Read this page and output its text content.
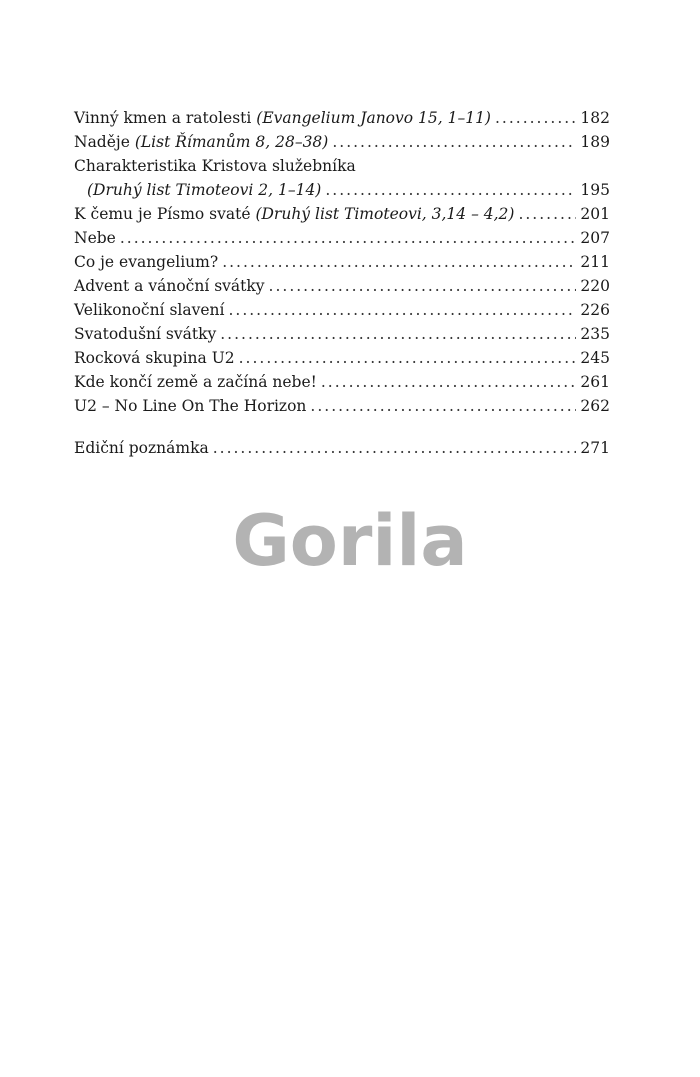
Vinný kmen a ratolesti (Evangelium Janovo 15, 1–11) .....	182
Naděje (List Římanům 8, 28–38) .....	189
Charakteristika Kristova služebníka
(Druhý list Timoteovi 2, 1–14) .....	195
K čemu je Písmo svaté (Druhý list Timoteovi, 3,14 – 4,2) .....	201
Nebe .....	207
Co je evangelium? .....	211
Advent a vánoční svátky .....	220
Velikonoční slavení .....	226
Svatodušní svátky .....	235
Rocková skupina U2 .....	245
Kde končí země a začíná nebe! .....	261
U2 – No Line On The Horizon .....	262
Ediční poznámka .....	271
Gorila
